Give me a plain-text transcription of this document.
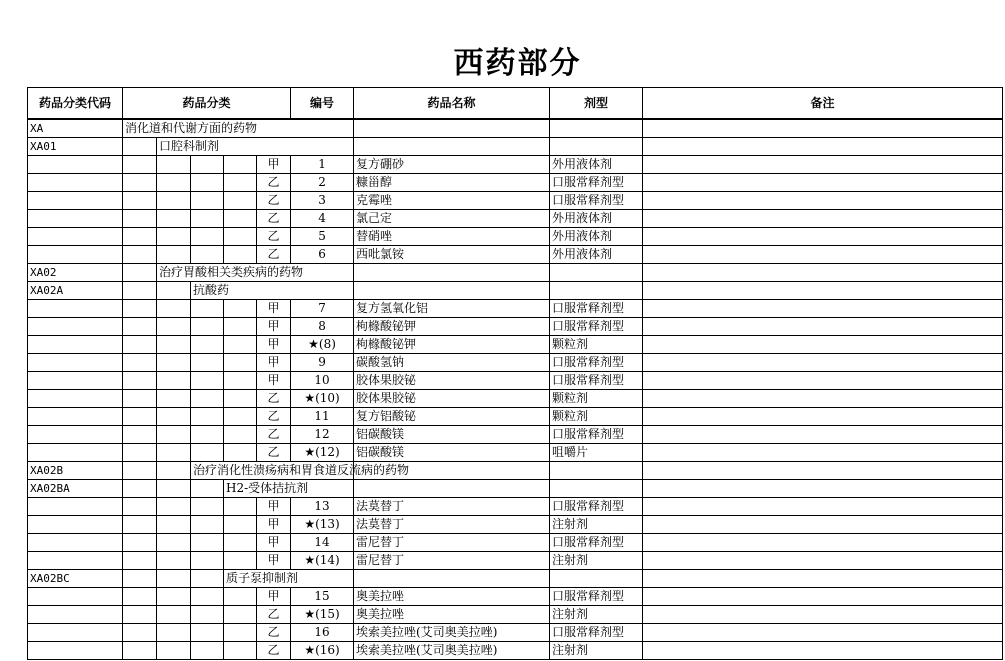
西药部分
药品分类代码	药品分类					编号	药品名称	剂型	备注
XA	消化道和代谢方面的药物								
XA01		口腔科制剂							
					甲	1	复方硼砂	外用液体剂	
					乙	2	糠甾醇	口服常释剂型	
					乙	3	克霉唑	口服常释剂型	
					乙	4	氯己定	外用液体剂	
					乙	5	替硝唑	外用液体剂	
					乙	6	西吡氯铵	外用液体剂	
XA02		治疗胃酸相关类疾病的药物							
XA02A			抗酸药						
					甲	7	复方氢氧化铝	口服常释剂型	
					甲	8	枸橼酸铋钾	口服常释剂型	
					甲	★(8)	枸橼酸铋钾	颗粒剂	
					甲	9	碳酸氢钠	口服常释剂型	
					甲	10	胶体果胶铋	口服常释剂型	
					乙	★(10)	胶体果胶铋	颗粒剂	
					乙	11	复方铝酸铋	颗粒剂	
					乙	12	铝碳酸镁	口服常释剂型	
					乙	★(12)	铝碳酸镁	咀嚼片	
XA02B			治疗消化性溃疡病和胃食道反流病的药物						
XA02BA				H2-受体拮抗剂					
					甲	13	法莫替丁	口服常释剂型	
					甲	★(13)	法莫替丁	注射剂	
					甲	14	雷尼替丁	口服常释剂型	
					甲	★(14)	雷尼替丁	注射剂	
XA02BC				质子泵抑制剂					
					甲	15	奥美拉唑	口服常释剂型	
					乙	★(15)	奥美拉唑	注射剂	
					乙	16	埃索美拉唑(艾司奥美拉唑)	口服常释剂型	
					乙	★(16)	埃索美拉唑(艾司奥美拉唑)	注射剂	
